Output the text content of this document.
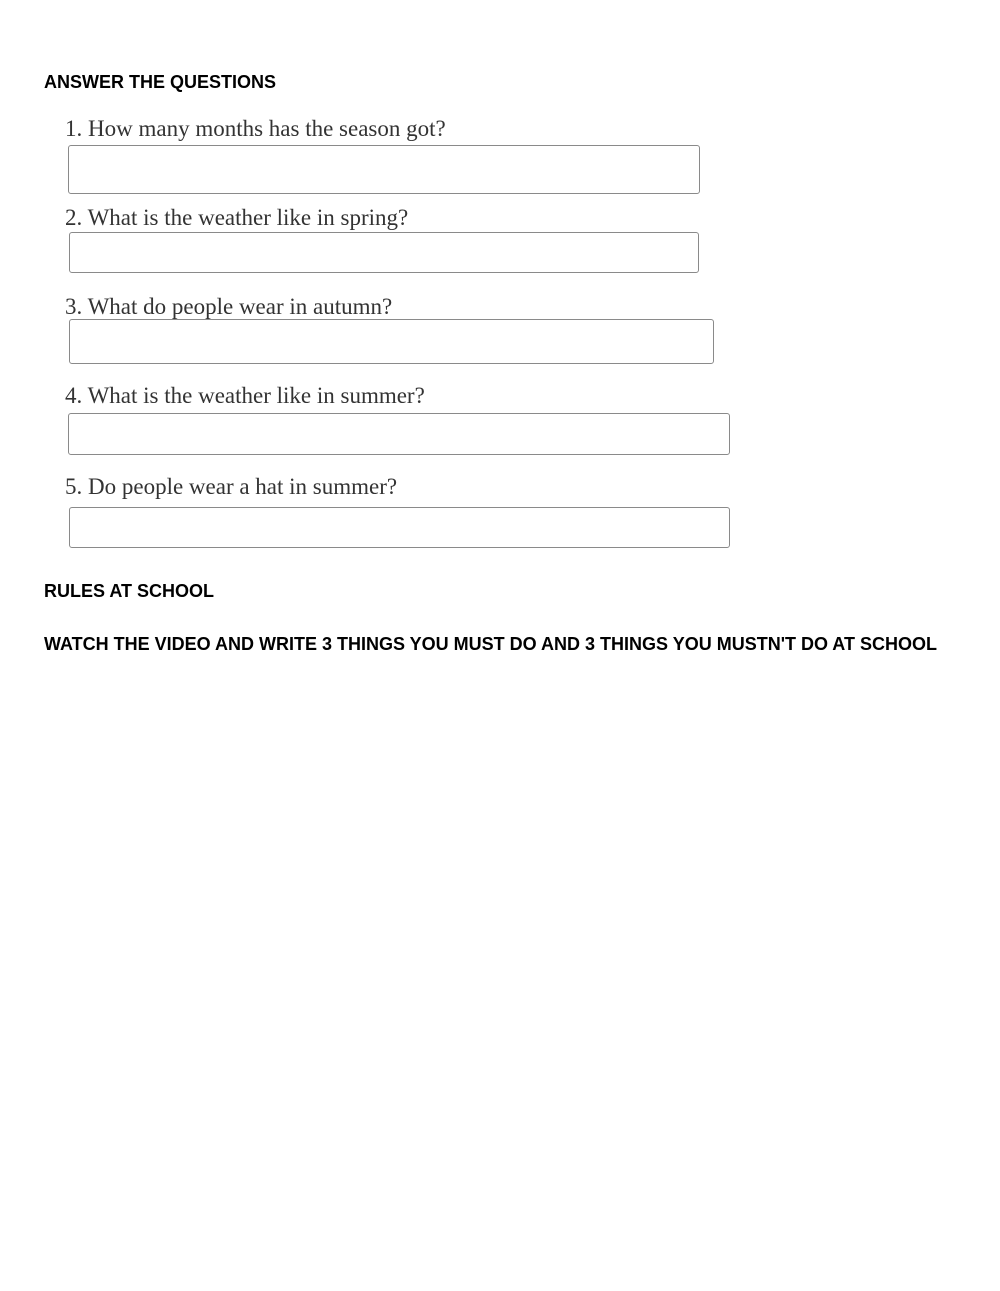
ANSWER THE QUESTIONS
1. How many months has the season got?
2. What is the weather like in spring?
3. What do people wear in autumn?
4. What is the weather like in summer?
5. Do people wear a hat in summer?
RULES AT SCHOOL

WATCH THE VIDEO AND WRITE 3 THINGS YOU MUST DO AND 3 THINGS YOU MUSTN'T DO AT SCHOOL
